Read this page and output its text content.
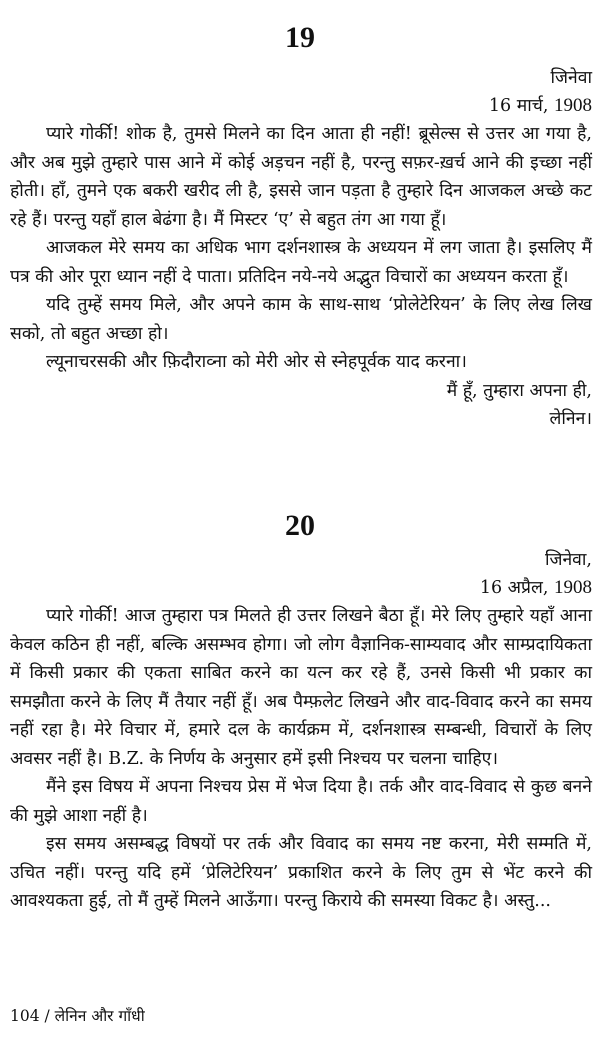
19

जिनेवा

16 मार्च, 1908

प्यारे गोर्की! शोक है, तुमसे मिलने का दिन आता ही नहीं! ब्रूसेल्स से उत्तर आ गया है, और अब मुझे तुम्हारे पास आने में कोई अड़चन नहीं है, परन्तु सफ़र-ख़र्च आने की इच्छा नहीं होती। हाँ, तुमने एक बकरी खरीद ली है, इससे जान पड़ता है तुम्हारे दिन आजकल अच्छे कट रहे हैं। परन्तु यहाँ हाल बेढंगा है। मैं मिस्टर ‘ए’ से बहुत तंग आ गया हूँ।

आजकल मेरे समय का अधिक भाग दर्शनशास्त्र के अध्ययन में लग जाता है। इसलिए मैं पत्र की ओर पूरा ध्यान नहीं दे पाता। प्रतिदिन नये-नये अद्भुत विचारों का अध्ययन करता हूँ।

यदि तुम्हें समय मिले, और अपने काम के साथ-साथ ‘प्रोलेटेरियन’ के लिए लेख लिख सको, तो बहुत अच्छा हो।

ल्यूनाचरसकी और फ़िदौराव्ना को मेरी ओर से स्नेहपूर्वक याद करना।

मैं हूँ, तुम्हारा अपना ही,

लेनिन।

20

जिनेवा,

16 अप्रैल, 1908

प्यारे गोर्की! आज तुम्हारा पत्र मिलते ही उत्तर लिखने बैठा हूँ। मेरे लिए तुम्हारे यहाँ आना केवल कठिन ही नहीं, बल्कि असम्भव होगा। जो लोग वैज्ञानिक-साम्यवाद और साम्प्रदायिकता में किसी प्रकार की एकता साबित करने का यत्न कर रहे हैं, उनसे किसी भी प्रकार का समझौता करने के लिए मैं तैयार नहीं हूँ। अब पैम्फ़लेट लिखने और वाद-विवाद करने का समय नहीं रहा है। मेरे विचार में, हमारे दल के कार्यक्रम में, दर्शनशास्त्र सम्बन्धी, विचारों के लिए अवसर नहीं है। B.Z. के निर्णय के अनुसार हमें इसी निश्चय पर चलना चाहिए।

मैंने इस विषय में अपना निश्चय प्रेस में भेज दिया है। तर्क और वाद-विवाद से कुछ बनने की मुझे आशा नहीं है।

इस समय असम्बद्ध विषयों पर तर्क और विवाद का समय नष्ट करना, मेरी सम्मति में, उचित नहीं। परन्तु यदि हमें ‘प्रेलिटेरियन’ प्रकाशित करने के लिए तुम से भेंट करने की आवश्यकता हुई, तो मैं तुम्हें मिलने आऊँगा। परन्तु किराये की समस्या विकट है। अस्तु...

104 / लेनिन और गाँधी
